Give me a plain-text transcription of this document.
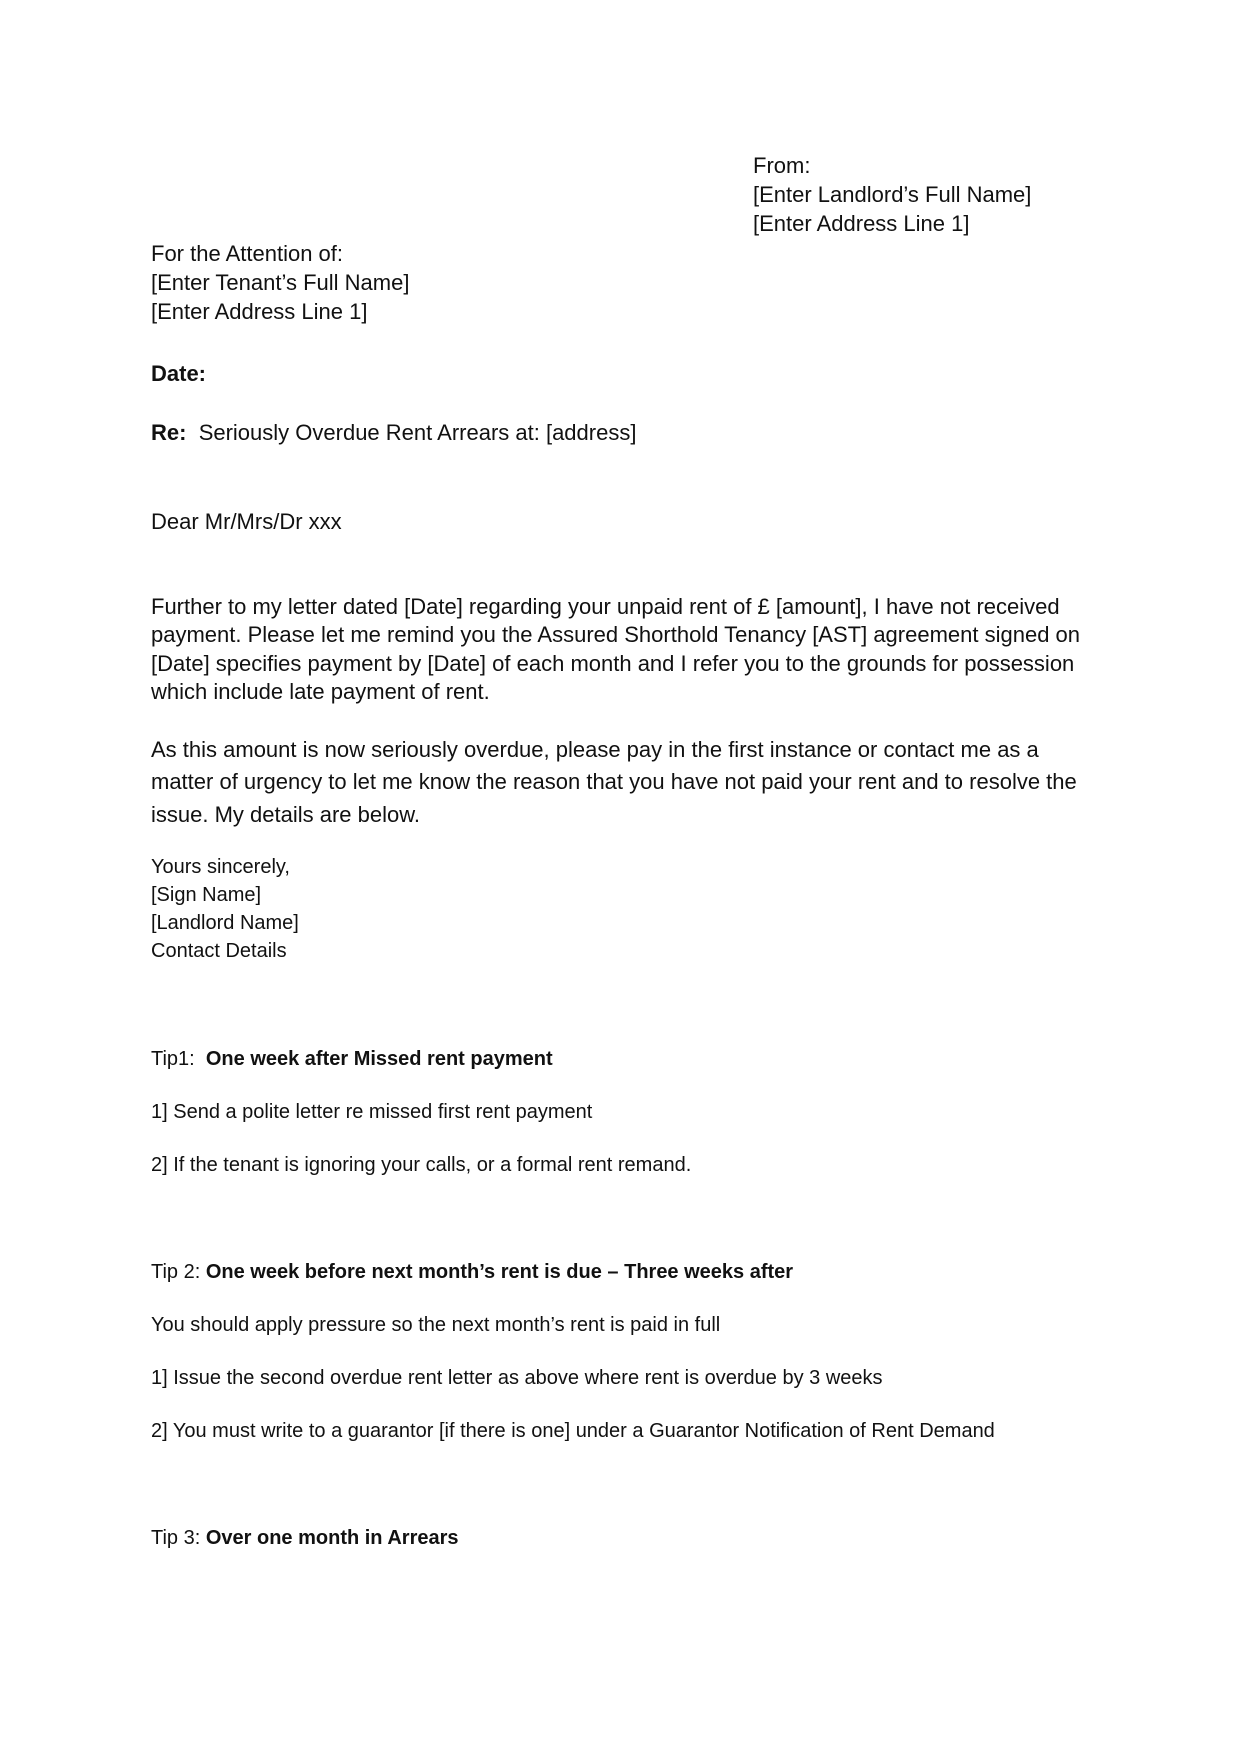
From:
[Enter Landlord’s Full Name]
[Enter Address Line 1]
For the Attention of:
[Enter Tenant’s Full Name]
[Enter Address Line 1]
Date:
Re: Seriously Overdue Rent Arrears at: [address]
Dear Mr/Mrs/Dr xxx
Further to my letter dated [Date] regarding your unpaid rent of £ [amount], I have not received
payment. Please let me remind you the Assured Shorthold Tenancy [AST] agreement signed on
[Date] specifies payment by [Date] of each month and I refer you to the grounds for possession
which include late payment of rent.
As this amount is now seriously overdue, please pay in the first instance or contact me as a
matter of urgency to let me know the reason that you have not paid your rent and to resolve the
issue. My details are below.
Yours sincerely,
[Sign Name]
[Landlord Name]
Contact Details
Tip1: One week after Missed rent payment
1] Send a polite letter re missed first rent payment
2] If the tenant is ignoring your calls, or a formal rent remand.
Tip 2: One week before next month’s rent is due – Three weeks after
You should apply pressure so the next month’s rent is paid in full
1] Issue the second overdue rent letter as above where rent is overdue by 3 weeks
2] You must write to a guarantor [if there is one] under a Guarantor Notification of Rent Demand
Tip 3: Over one month in Arrears
